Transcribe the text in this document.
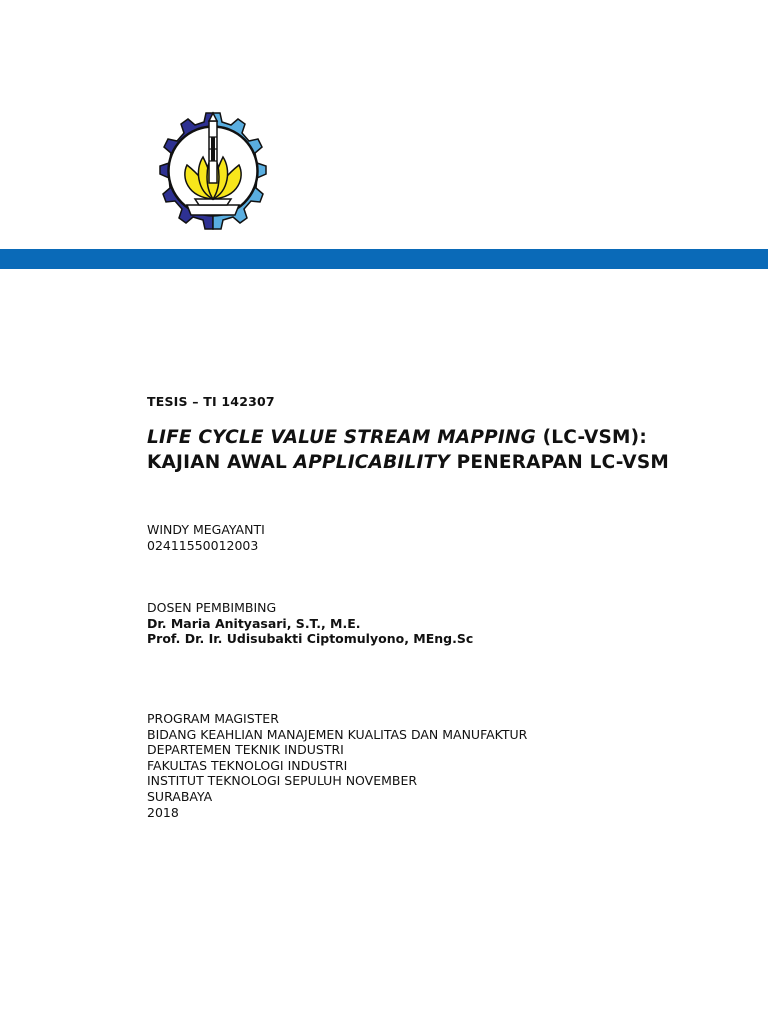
TESIS – TI 142307
LIFE CYCLE VALUE STREAM MAPPING (LC-VSM):
KAJIAN AWAL APPLICABILITY PENERAPAN LC-VSM
WINDY MEGAYANTI
02411550012003
DOSEN PEMBIMBING
Dr. Maria Anityasari, S.T., M.E.
Prof. Dr. Ir. Udisubakti Ciptomulyono, MEng.Sc
PROGRAM MAGISTER
BIDANG KEAHLIAN MANAJEMEN KUALITAS DAN MANUFAKTUR
DEPARTEMEN TEKNIK INDUSTRI
FAKULTAS TEKNOLOGI INDUSTRI
INSTITUT TEKNOLOGI SEPULUH NOVEMBER
SURABAYA
2018
